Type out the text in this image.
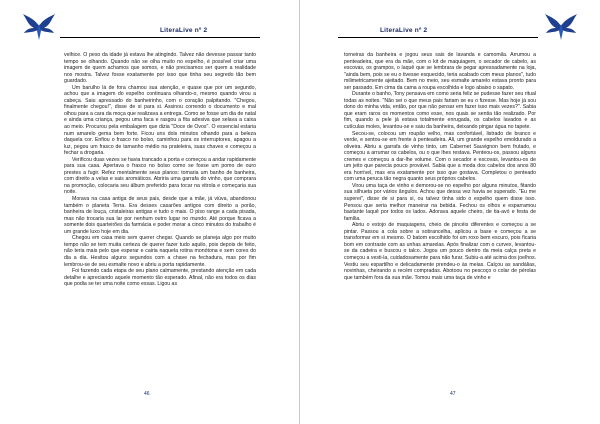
LiteraLive nº 2

velhice. O peso da idade já estava lhe atingindo. Talvez não devesse passar tanto tempo se olhando. Quando não se olha muito no espelho, é possível criar uma imagem de quem achamos que somos, e não precisamos ser quem a realidade nos mostra. Talvez fosse exatamente por isso que tinha seu segredo tão bem guardado.

Um barulho lá de fora chamou sua atenção, e quase que por um segundo, achou que a imagem do espelho continuara olhando-o, mesmo quando virou a cabeça. Saiu apressado do banheirinho, com o coração palpitando. "Chegou, finalmente chegou!", disse de si para si. Assinou correndo o documento e mal olhou para a cara da moça que realizava a entrega. Como se fosse um dia de natal e ainda uma criança, pegou uma faca e rasgou a fita adesiva que selava a caixa ao meio. Procurou pela embalagem que dizia "Doce de Ovos". O essencial estaria num amarelo gema bem forte. Ficou uns dois minutos olhando para a beleza daquela cor. Enfiou o frasco no bolso, caminhou para os interruptores, apagou a luz, pegou um frasco de tamanho médio na prateleira, suas chaves e começou a fechar a drogaria.

Verificou duas vezes se havia trancado a porta e começou a andar rapidamente para sua casa. Apertava o frasco no bolso como se fosse um pomo de ouro prestes a fugir. Refez mentalmente seus planos: tomaria um banho de banheira, com direito a velas e sais aromáticos. Abriria uma garrafa do vinho, que comprara na promoção, colocaria seu álbum preferido para tocar na vitrola e começaria sua noite.

Morava na casa antiga de seus pais, desde que a mãe, já viúva, abandonou também o planeta Terra. Era desses casarões antigos com direito a porão, banheira de louça, cristaleiras antigas e tudo o mais. O piso range a cada pisada, mas não trocaria sua lar por nenhum outro lugar no mundo. Até porque ficava a somente dois quarteirões da farmácia e poder morar a cinco minutos do trabalho é um grande luxo hoje em dia.

Chegou em casa meio sem querer chegar. Quando se planeja algo por muito tempo não se tem muita certeza de querer fazer tudo aquilo, pois depois de feito, não teria mais pelo que esperar e cairia naquela rotina monótona e sem cores do dia a dia. Hesitou alguns segundos com a chave na fechadura, mas por fim lembrou-se de seu esmalte novo e abriu a porta rapidamente.

Foi fazendo cada etapa de seu plano calmamente, prestando atenção em cada detalhe e apreciando aquele momento tão esperado. Afinal, não era todos os dias que podia se ter uma noite como essas. Ligou as

46
LiteraLive nº 2

torneiras da banheira e jogou seus sais de lavanda e camomila. Arrumou a penteadeira, que era da mãe, com o kit de maquiagem, o secador de cabelo, as escovas, os grampos, o laquê que se lembrara de pegar apressadamente na loja, "ainda bem, pois se eu o tivesse esquecido, teria acabado com meus planos", tudo milimetricamente ajeitado. Bem no meio, seu esmalte amarelo estava pronto para ser passado. Em cima da cama a roupa escolhida e logo abaixo o sapato.

Durante o banho, Tony pensava em como seria feliz se pudesse fazer seu ritual todas as noites. "Não sei o que meus pais fariam se eu o fizesse. Mas hoje já sou dono do minha vida, então, por que não pensar em fazer isso mais vezes?". Sabia que eram raros os momentos como esse, nos quais se sentia tão realizado. Por fim, quando a pele já estava totalmente enrugada, os cabelos lavados e as cutículas moles, levantou-se e saiu da banheira, deixando pingar água no tapete.

Secou-se, colocou um roupão velho, mas confortável, listrado de branco e verde, e sentou-se em frente à penteadeira. Ali, um grande espelho emoldurado a oliveira. Abriu a garrafa de vinho tinto, um Cabernet Sauvignon bem frutado, e começou a arrumar os cabelos, ou o que lhes restava. Penteou-os, passou alguns cremes e começou a dar-lhe volume. Com o secador e escovas, levantou-os de um jeito que parecia pouco provável. Sabia que a moda dos cabelos dos anos 80 era horrível, mas era exatamente por isso que gostava. Completou o penteado com uma peruca tão negra quanto seus próprios cabelos.

Virou uma taça de vinho e demorou-se no espelho por alguns minutos, fitando sua silhueta por vários ângulos. Achou que dessa vez havia se superado. "Eu me superei", disse de si para si, ou talvez tinha sido o espelho quem disse isso. Pensou que seria melhor maneirar na bebida. Fechou os olhos e esparramou bastante laquê por todos os lados. Adorava aquele cheiro, de tia-avó e festa de família.

Abriu o estojo de maquiagens, cheio de pincéis diferentes e começou a se pintar. Passou a cola sobre a sobrancelha, aplicou a base e começou a se transformar em si mesmo. O batom escolhido foi um roxo bem escuro, pois ficaria bom em contraste com as unhas amarelas. Após finalizar com o curvex, levantou-se da cadeira e buscou o talco. Jogou um pouco dentro da meia calça preta e começou a vesti-la, cuidadosamente para não furar. Subiu-a até acima dos joelhos. Vestiu seu espartilho e delicadamente prendeu-o às meias. Calçou as sandálias, novinhas, cheirando a recém compradas. Abotoou no pescoço o colar de pérolas que também fora da sua mãe. Tomou mais uma taça de vinho e

47
